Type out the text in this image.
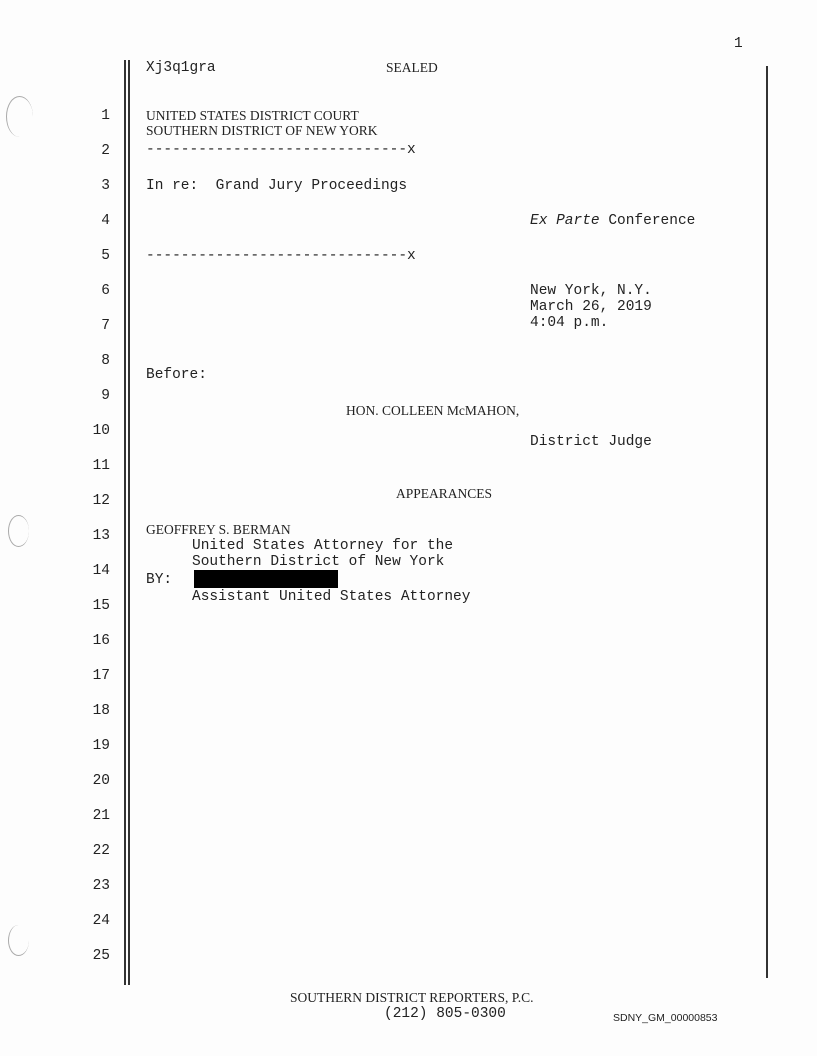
1
Xj3q1gra	SEALED
1
2
3
4
5
6
7
8
9
10
11
12
13
14
15
16
17
18
19
20
21
22
23
24
25
UNITED STATES DISTRICT COURT
SOUTHERN DISTRICT OF NEW YORK
------------------------------x
In re:  Grand Jury Proceedings
Ex Parte Conference
------------------------------x
New York, N.Y.
March 26, 2019
4:04 p.m.
Before:
HON. COLLEEN McMAHON,
District Judge
APPEARANCES
GEOFFREY S. BERMAN
United States Attorney for the
Southern District of New York
BY:
Assistant United States Attorney
SOUTHERN DISTRICT REPORTERS, P.C.
(212) 805-0300	SDNY_GM_00000853
